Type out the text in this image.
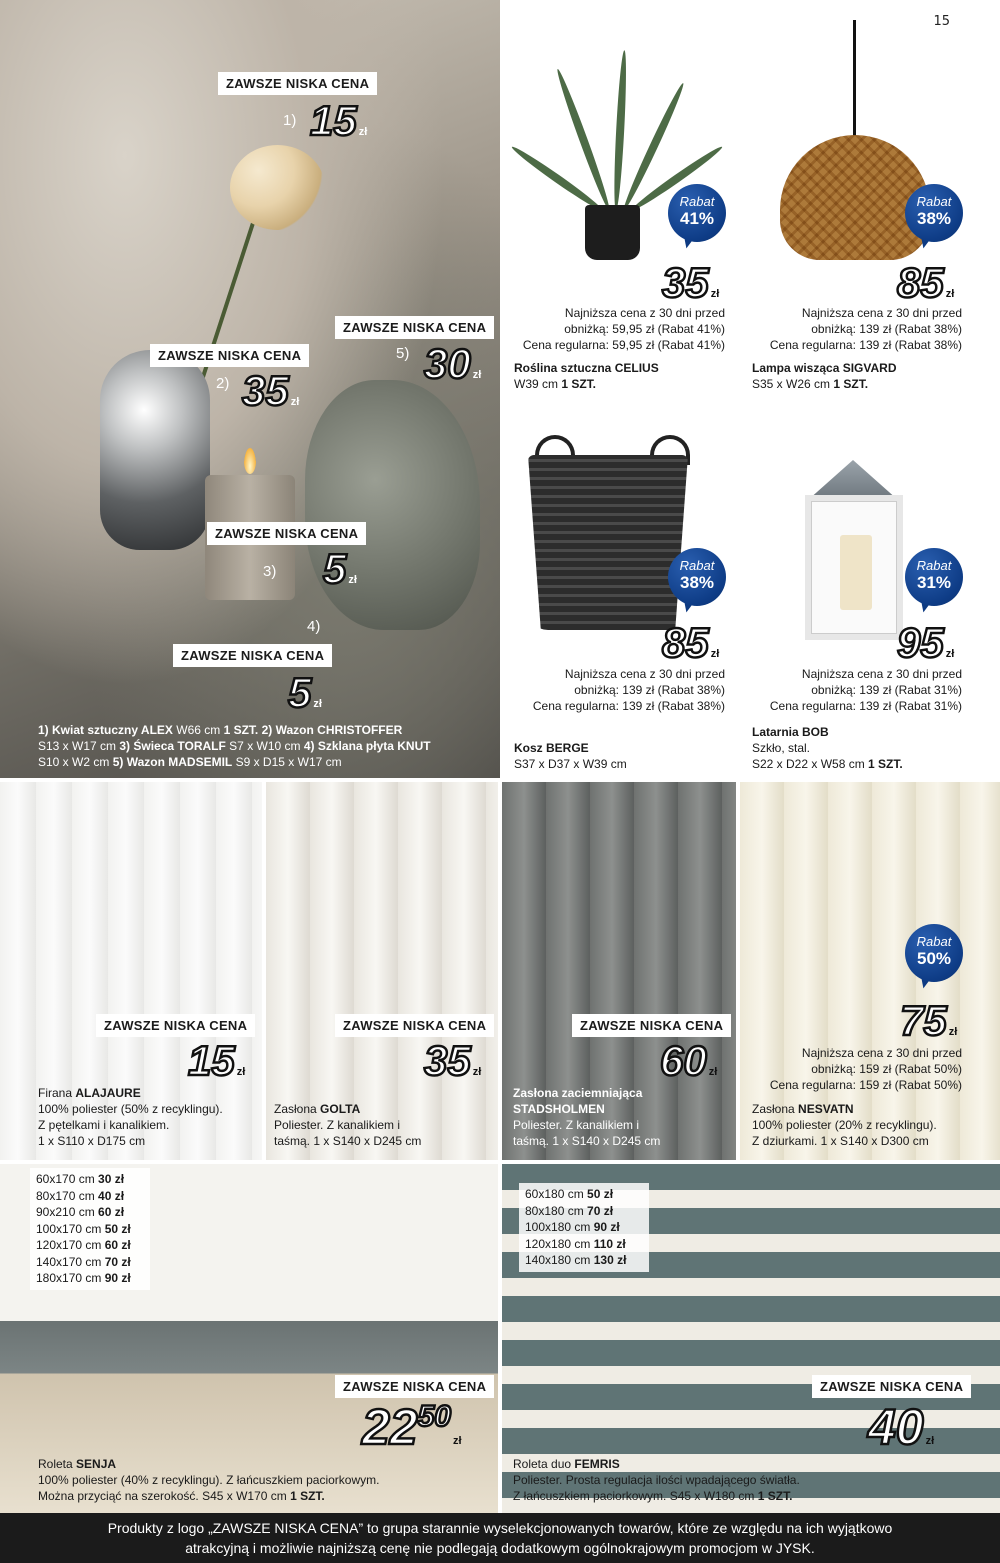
ZAWSZE NISKA CENA
1) 15 zł
ZAWSZE NISKA CENA
5) 30 zł
ZAWSZE NISKA CENA
2) 35 zł
ZAWSZE NISKA CENA
3) 5 zł
4)
ZAWSZE NISKA CENA
5 zł
1) Kwiat sztuczny ALEX W66 cm 1 SZT. 2) Wazon CHRISTOFFER
S13 x W17 cm 3) Świeca TORALF S7 x W10 cm 4) Szklana płyta KNUT
S10 x W2 cm 5) Wazon MADSEMIL S9 x D15 x W17 cm
15
Rabat
41%
35 zł
Najniższa cena z 30 dni przed
obniżką: 59,95 zł (Rabat 41%)
Cena regularna: 59,95 zł (Rabat 41%)
Roślina sztuczna CELIUS
W39 cm 1 SZT.
Rabat
38%
85 zł
Najniższa cena z 30 dni przed
obniżką: 139 zł (Rabat 38%)
Cena regularna: 139 zł (Rabat 38%)
Lampa wisząca SIGVARD
S35 x W26 cm 1 SZT.
Rabat
38%
85 zł
Najniższa cena z 30 dni przed
obniżką: 139 zł (Rabat 38%)
Cena regularna: 139 zł (Rabat 38%)
Kosz BERGE
S37 x D37 x W39 cm
Rabat
31%
95 zł
Najniższa cena z 30 dni przed
obniżką: 139 zł (Rabat 31%)
Cena regularna: 139 zł (Rabat 31%)
Latarnia BOB
Szkło, stal.
S22 x D22 x W58 cm 1 SZT.
ZAWSZE NISKA CENA
15 zł
Firana ALAJAURE
100% poliester (50% z recyklingu).
Z pętelkami i kanalikiem.
1 x S110 x D175 cm
ZAWSZE NISKA CENA
35 zł
Zasłona GOLTA
Poliester. Z kanalikiem i
taśmą. 1 x S140 x D245 cm
ZAWSZE NISKA CENA
60 zł
Zasłona zaciemniająca
STADSHOLMEN
Poliester. Z kanalikiem i
taśmą. 1 x S140 x D245 cm
Rabat
50%
75 zł
Najniższa cena z 30 dni przed
obniżką: 159 zł (Rabat 50%)
Cena regularna: 159 zł (Rabat 50%)
Zasłona NESVATN
100% poliester (20% z recyklingu).
Z dziurkami. 1 x S140 x D300 cm
60x170 cm 30 zł
80x170 cm 40 zł
90x210 cm 60 zł
100x170 cm 50 zł
120x170 cm 60 zł
140x170 cm 70 zł
180x170 cm 90 zł
ZAWSZE NISKA CENA
$22^{50}zł$
Roleta SENJA
100% poliester (40% z recyklingu). Z łańcuszkiem paciorkowym.
Można przyciąć na szerokość. S45 x W170 cm 1 SZT.
60x180 cm 50 zł
80x180 cm 70 zł
100x180 cm 90 zł
120x180 cm 110 zł
140x180 cm 130 zł
ZAWSZE NISKA CENA
40 zł
Roleta duo FEMRIS
Poliester. Prosta regulacja ilości wpadającego światła.
Z łańcuszkiem paciorkowym. S45 x W180 cm 1 SZT.
Produkty z logo „ZAWSZE NISKA CENA” to grupa starannie wyselekcjonowanych towarów, które ze względu na ich wyjątkowo
atrakcyjną i możliwie najniższą cenę nie podlegają dodatkowym ogólnokrajowym promocjom w JYSK.
